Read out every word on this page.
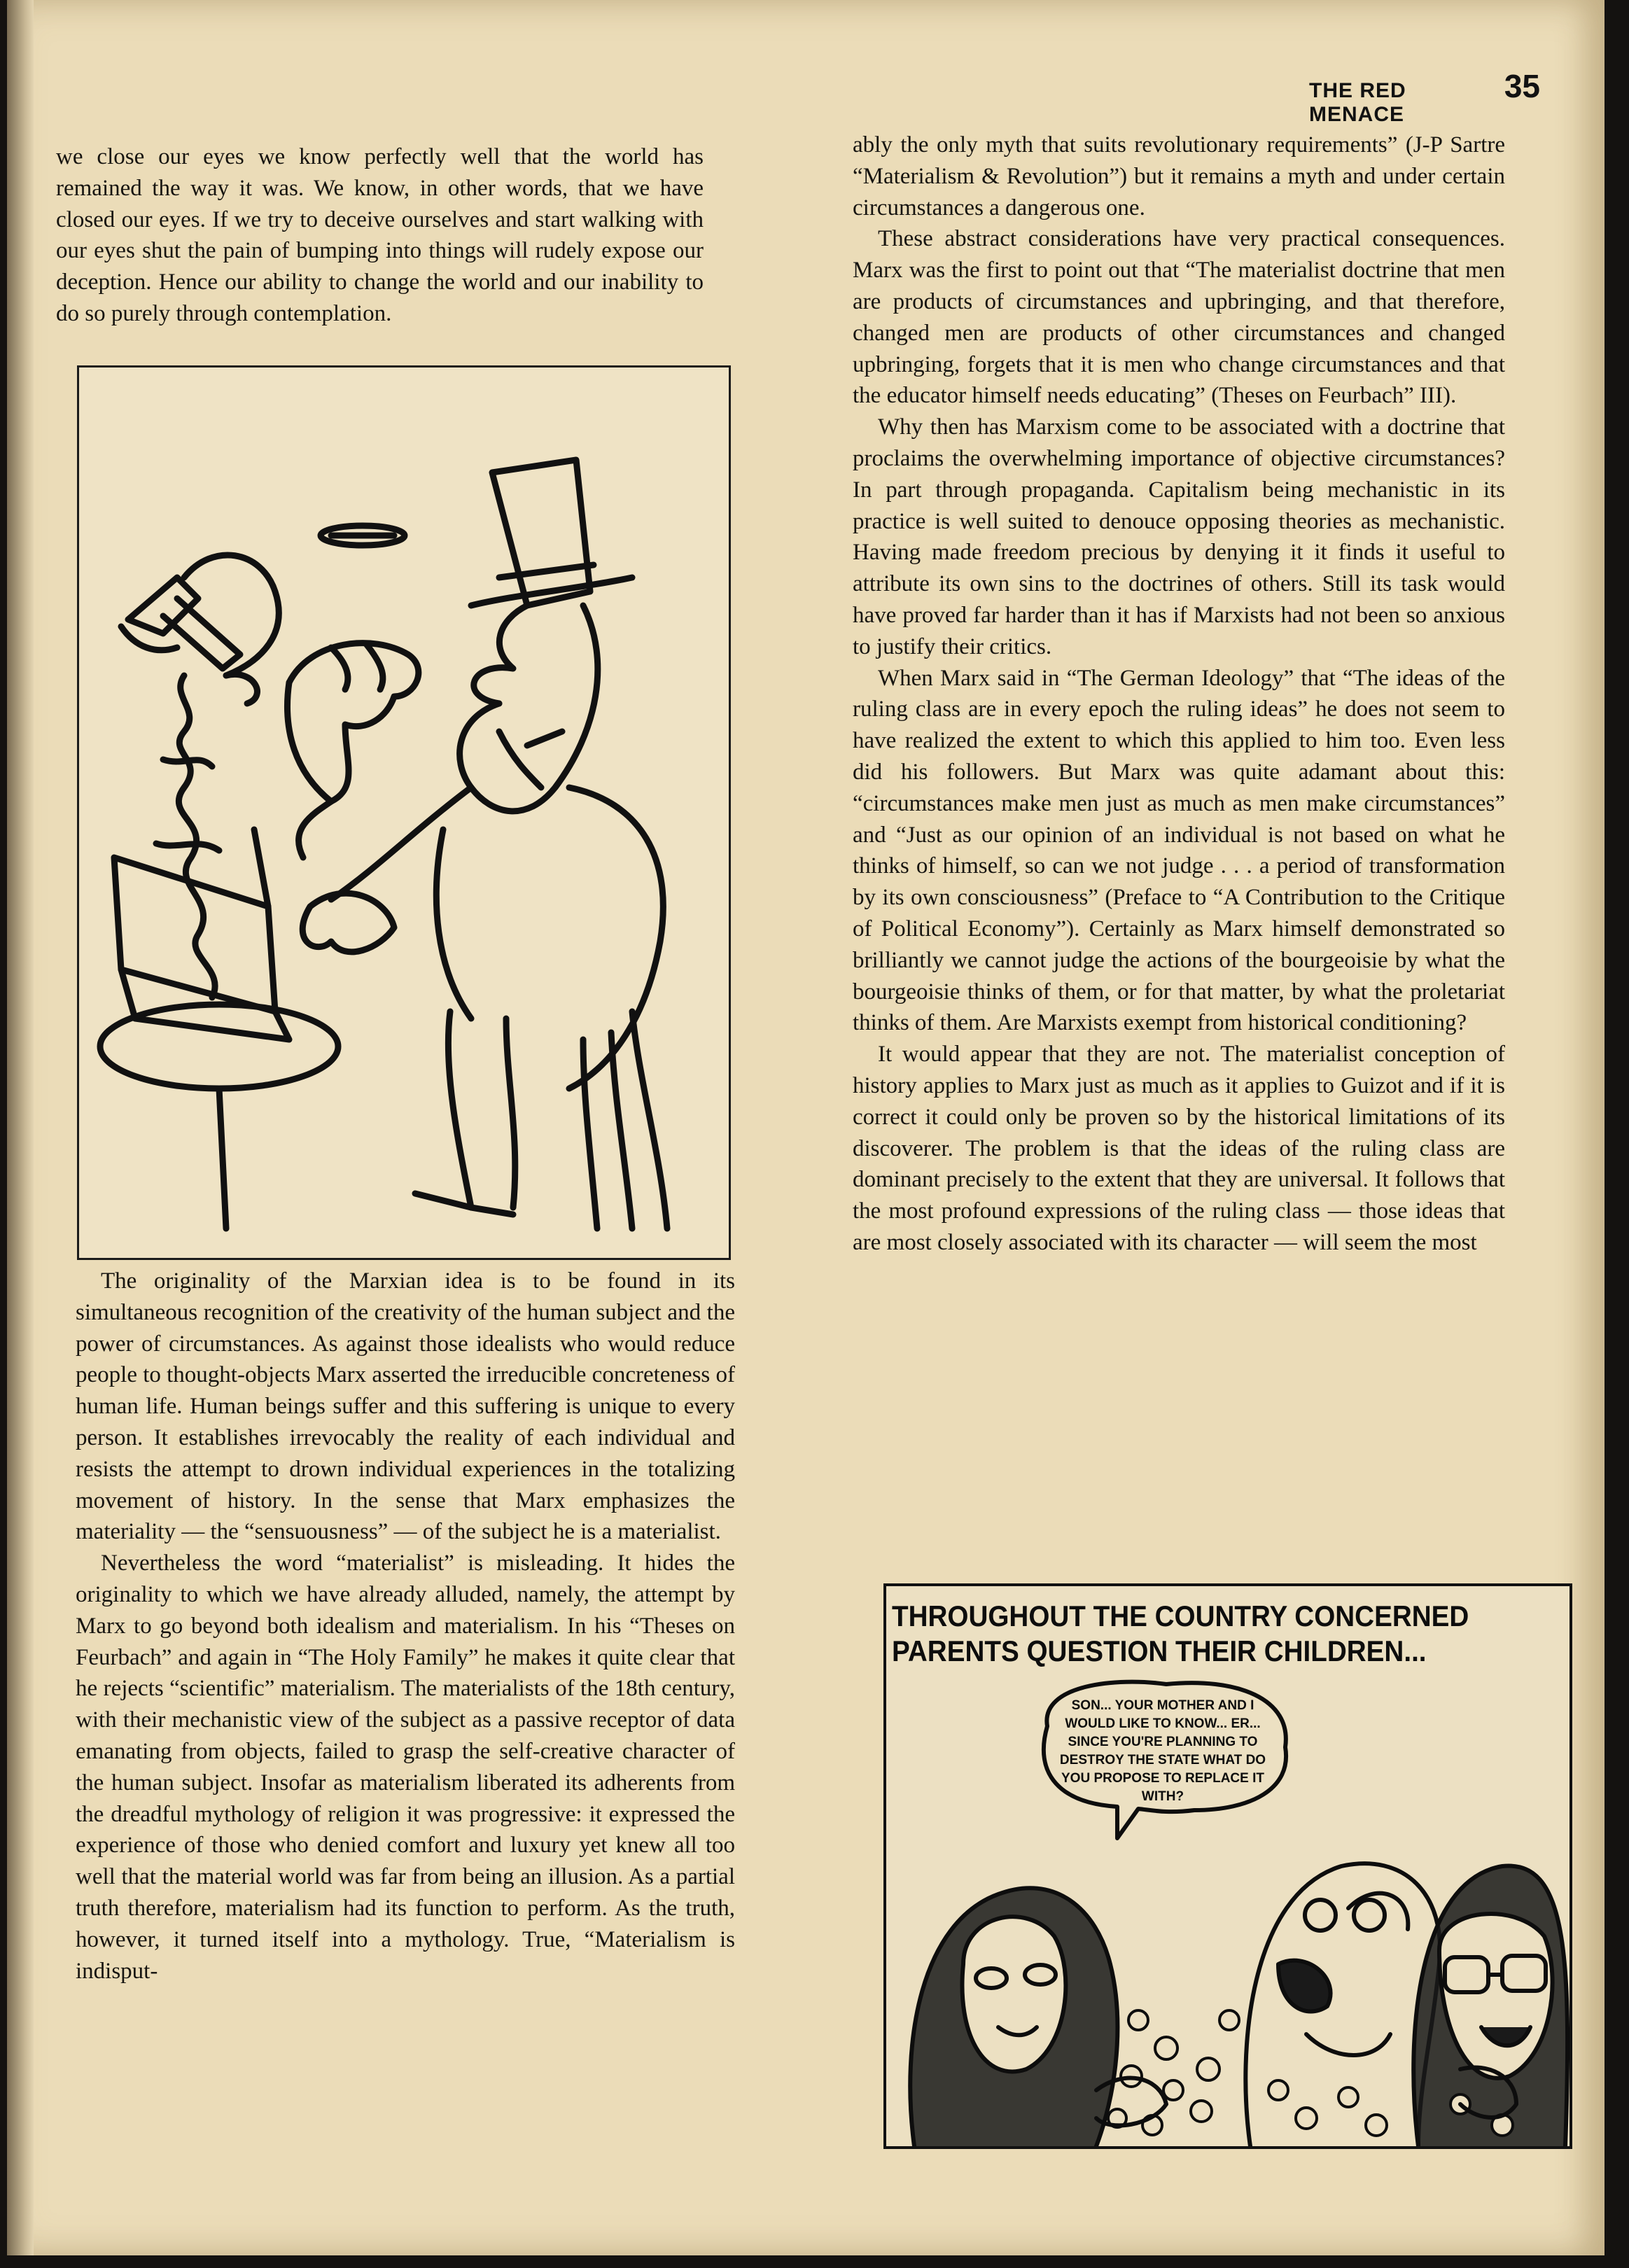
THE RED MENACE
35

we close our eyes we know perfectly well that the world has remained the way it was. We know, in other words, that we have closed our eyes. If we try to deceive ourselves and start walking with our eyes shut the pain of bumping into things will rudely expose our deception. Hence our ability to change the world and our inability to do so purely through contemplation.

The originality of the Marxian idea is to be found in its simultaneous recognition of the creativity of the human subject and the power of circumstances. As against those idealists who would reduce people to thought-objects Marx asserted the irreducible concreteness of human life. Human beings suffer and this suffering is unique to every person. It establishes irrevocably the reality of each individual and resists the attempt to drown individual experiences in the totalizing movement of history. In the sense that Marx emphasizes the materiality — the “sensuousness” — of the subject he is a materialist.

Nevertheless the word “materialist” is misleading. It hides the originality to which we have already alluded, namely, the attempt by Marx to go beyond both idealism and materialism. In his “Theses on Feurbach” and again in “The Holy Family” he makes it quite clear that he rejects “scientific” materialism. The materialists of the 18th century, with their mechanistic view of the subject as a passive receptor of data emanating from objects, failed to grasp the self-creative character of the human subject. Insofar as materialism liberated its adherents from the dreadful mythology of religion it was progressive: it expressed the experience of those who denied comfort and luxury yet knew all too well that the material world was far from being an illusion. As a partial truth therefore, materialism had its function to perform. As the truth, however, it turned itself into a mythology. True, “Materialism is indisput-

ably the only myth that suits revolutionary requirements” (J-P Sartre “Materialism & Revolution”) but it remains a myth and under certain circumstances a dangerous one.

These abstract considerations have very practical consequences. Marx was the first to point out that “The materialist doctrine that men are products of circumstances and upbringing, and that therefore, changed men are products of other circumstances and changed upbringing, forgets that it is men who change circumstances and that the educator himself needs educating” (Theses on Feurbach” III).

Why then has Marxism come to be associated with a doctrine that proclaims the overwhelming importance of objective circumstances? In part through propaganda. Capitalism being mechanistic in its practice is well suited to denouce opposing theories as mechanistic. Having made freedom precious by denying it it finds it useful to attribute its own sins to the doctrines of others. Still its task would have proved far harder than it has if Marxists had not been so anxious to justify their critics.

When Marx said in “The German Ideology” that “The ideas of the ruling class are in every epoch the ruling ideas” he does not seem to have realized the extent to which this applied to him too. Even less did his followers. But Marx was quite adamant about this: “circumstances make men just as much as men make circumstances” and “Just as our opinion of an individual is not based on what he thinks of himself, so can we not judge . . . a period of transformation by its own consciousness” (Preface to “A Contribution to the Critique of Political Economy”). Certainly as Marx himself demonstrated so brilliantly we cannot judge the actions of the bourgeoisie by what the bourgeoisie thinks of them, or for that matter, by what the proletariat thinks of them. Are Marxists exempt from historical conditioning?

It would appear that they are not. The materialist conception of history applies to Marx just as much as it applies to Guizot and if it is correct it could only be proven so by the historical limitations of its discoverer. The problem is that the ideas of the ruling class are dominant precisely to the extent that they are universal. It follows that the most profound expressions of the ruling class — those ideas that are most closely associated with its character — will seem the most

THROUGHOUT THE COUNTRY CONCERNED PARENTS QUESTION THEIR CHILDREN...
SON... YOUR MOTHER AND I WOULD LIKE TO KNOW... ER... SINCE YOU'RE PLANNING TO DESTROY THE STATE WHAT DO YOU PROPOSE TO REPLACE IT WITH?
